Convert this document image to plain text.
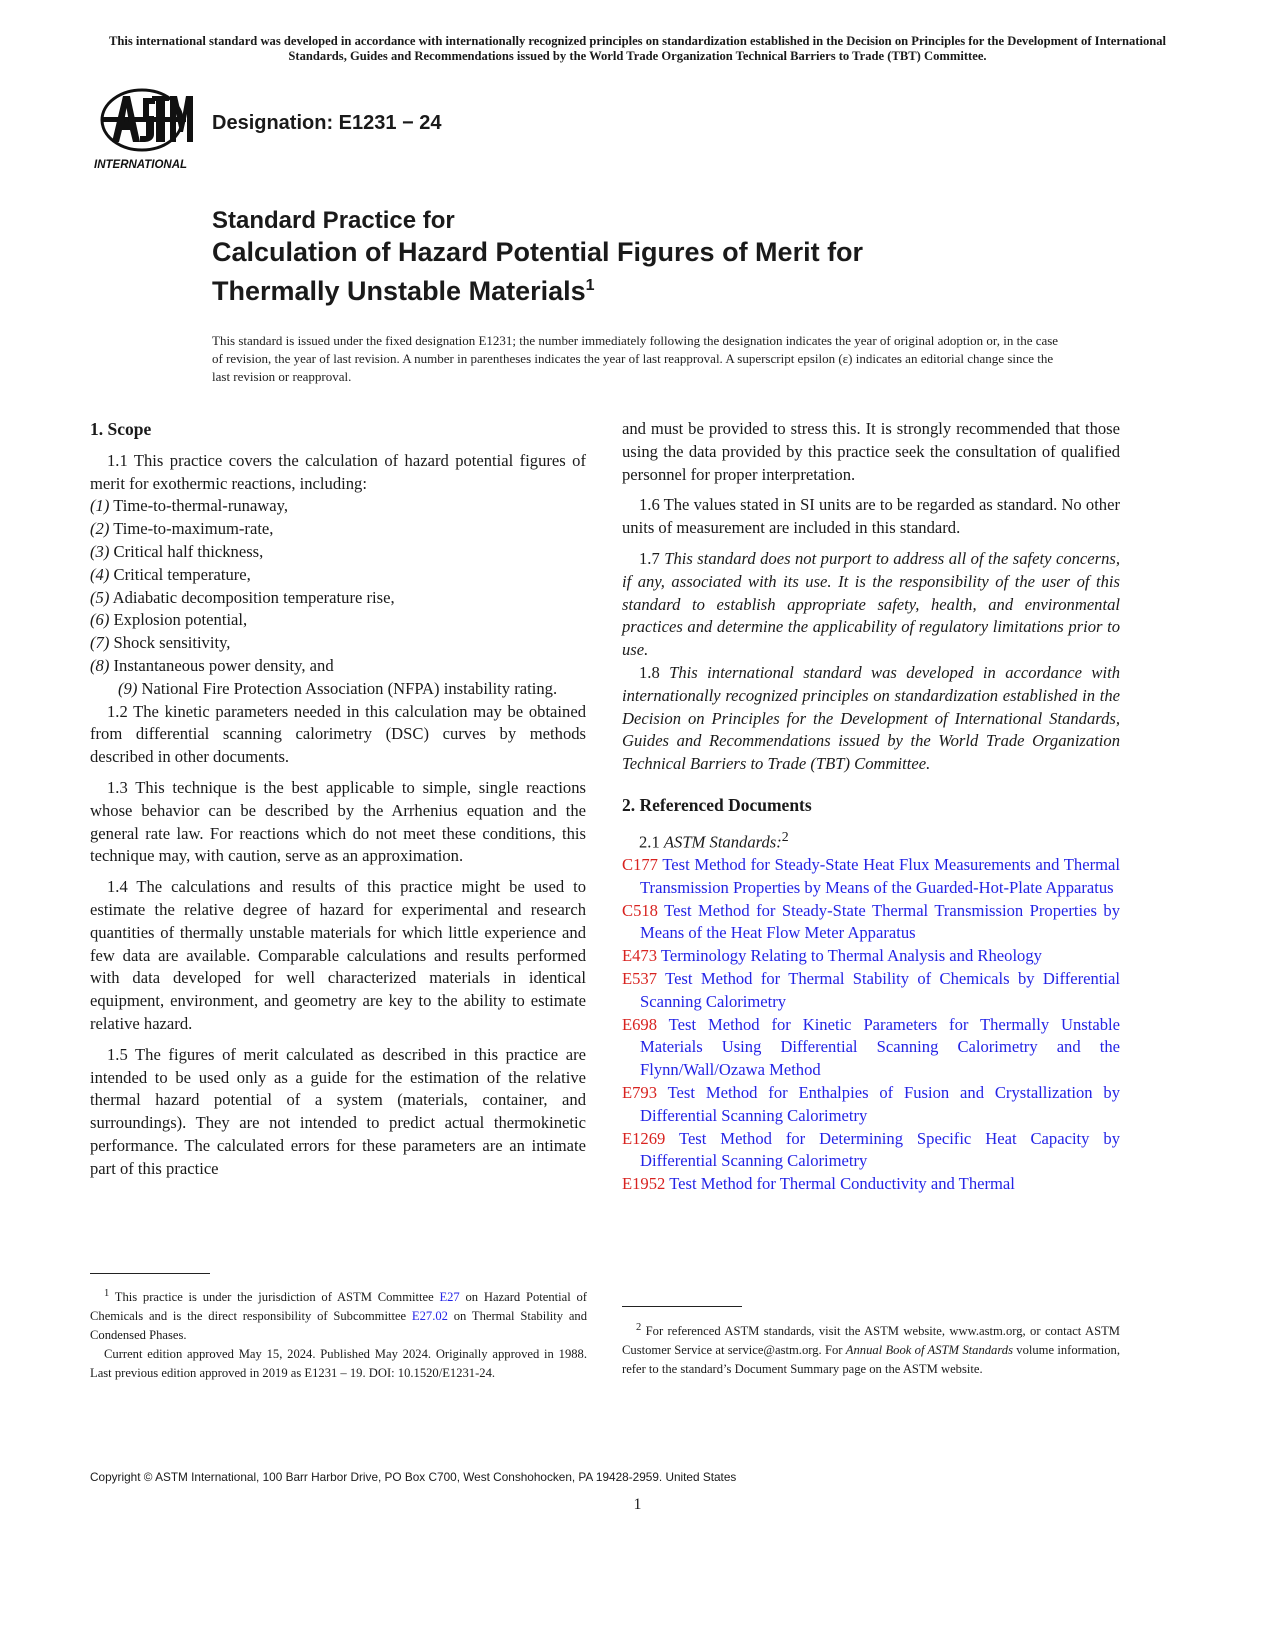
This international standard was developed in accordance with internationally recognized principles on standardization established in the Decision on Principles for the Development of International Standards, Guides and Recommendations issued by the World Trade Organization Technical Barriers to Trade (TBT) Committee.
INTERNATIONAL
Designation: E1231 − 24
Standard Practice for
Calculation of Hazard Potential Figures of Merit for
Thermally Unstable Materials$^1$
This standard is issued under the fixed designation E1231; the number immediately following the designation indicates the year of original adoption or, in the case of revision, the year of last revision. A number in parentheses indicates the year of last reapproval. A superscript epsilon (ε) indicates an editorial change since the last revision or reapproval.

1. Scope

1.1 This practice covers the calculation of hazard potential figures of merit for exothermic reactions, including:

(1) Time-to-thermal-runaway,

(2) Time-to-maximum-rate,

(3) Critical half thickness,

(4) Critical temperature,

(5) Adiabatic decomposition temperature rise,

(6) Explosion potential,

(7) Shock sensitivity,

(8) Instantaneous power density, and

(9) National Fire Protection Association (NFPA) instability rating.

1.2 The kinetic parameters needed in this calculation may be obtained from differential scanning calorimetry (DSC) curves by methods described in other documents.

1.3 This technique is the best applicable to simple, single reactions whose behavior can be described by the Arrhenius equation and the general rate law. For reactions which do not meet these conditions, this technique may, with caution, serve as an approximation.

1.4 The calculations and results of this practice might be used to estimate the relative degree of hazard for experimental and research quantities of thermally unstable materials for which little experience and few data are available. Comparable calculations and results performed with data developed for well characterized materials in identical equipment, environment, and geometry are key to the ability to estimate relative hazard.

1.5 The figures of merit calculated as described in this practice are intended to be used only as a guide for the estimation of the relative thermal hazard potential of a system (materials, container, and surroundings). They are not intended to predict actual thermokinetic performance. The calculated errors for these parameters are an intimate part of this practice

and must be provided to stress this. It is strongly recommended that those using the data provided by this practice seek the consultation of qualified personnel for proper interpretation.

1.6 The values stated in SI units are to be regarded as standard. No other units of measurement are included in this standard.

1.7 This standard does not purport to address all of the safety concerns, if any, associated with its use. It is the responsibility of the user of this standard to establish appropriate safety, health, and environmental practices and determine the applicability of regulatory limitations prior to use.

1.8 This international standard was developed in accordance with internationally recognized principles on standardization established in the Decision on Principles for the Development of International Standards, Guides and Recommendations issued by the World Trade Organization Technical Barriers to Trade (TBT) Committee.

2. Referenced Documents

2.1 ASTM Standards:$^2$

C177 Test Method for Steady-State Heat Flux Measurements and Thermal Transmission Properties by Means of the Guarded-Hot-Plate Apparatus

C518 Test Method for Steady-State Thermal Transmission Properties by Means of the Heat Flow Meter Apparatus

E473 Terminology Relating to Thermal Analysis and Rheology

E537 Test Method for Thermal Stability of Chemicals by Differential Scanning Calorimetry

E698 Test Method for Kinetic Parameters for Thermally Unstable Materials Using Differential Scanning Calorimetry and the Flynn/Wall/Ozawa Method

E793 Test Method for Enthalpies of Fusion and Crystallization by Differential Scanning Calorimetry

E1269 Test Method for Determining Specific Heat Capacity by Differential Scanning Calorimetry

E1952 Test Method for Thermal Conductivity and Thermal

$^1$ This practice is under the jurisdiction of ASTM Committee E27 on Hazard Potential of Chemicals and is the direct responsibility of Subcommittee E27.02 on Thermal Stability and Condensed Phases.

Current edition approved May 15, 2024. Published May 2024. Originally approved in 1988. Last previous edition approved in 2019 as E1231 – 19. DOI: 10.1520/E1231-24.

$^2$ For referenced ASTM standards, visit the ASTM website, www.astm.org, or contact ASTM Customer Service at service@astm.org. For Annual Book of ASTM Standards volume information, refer to the standard’s Document Summary page on the ASTM website.

Copyright © ASTM International, 100 Barr Harbor Drive, PO Box C700, West Conshohocken, PA 19428-2959. United States
1
